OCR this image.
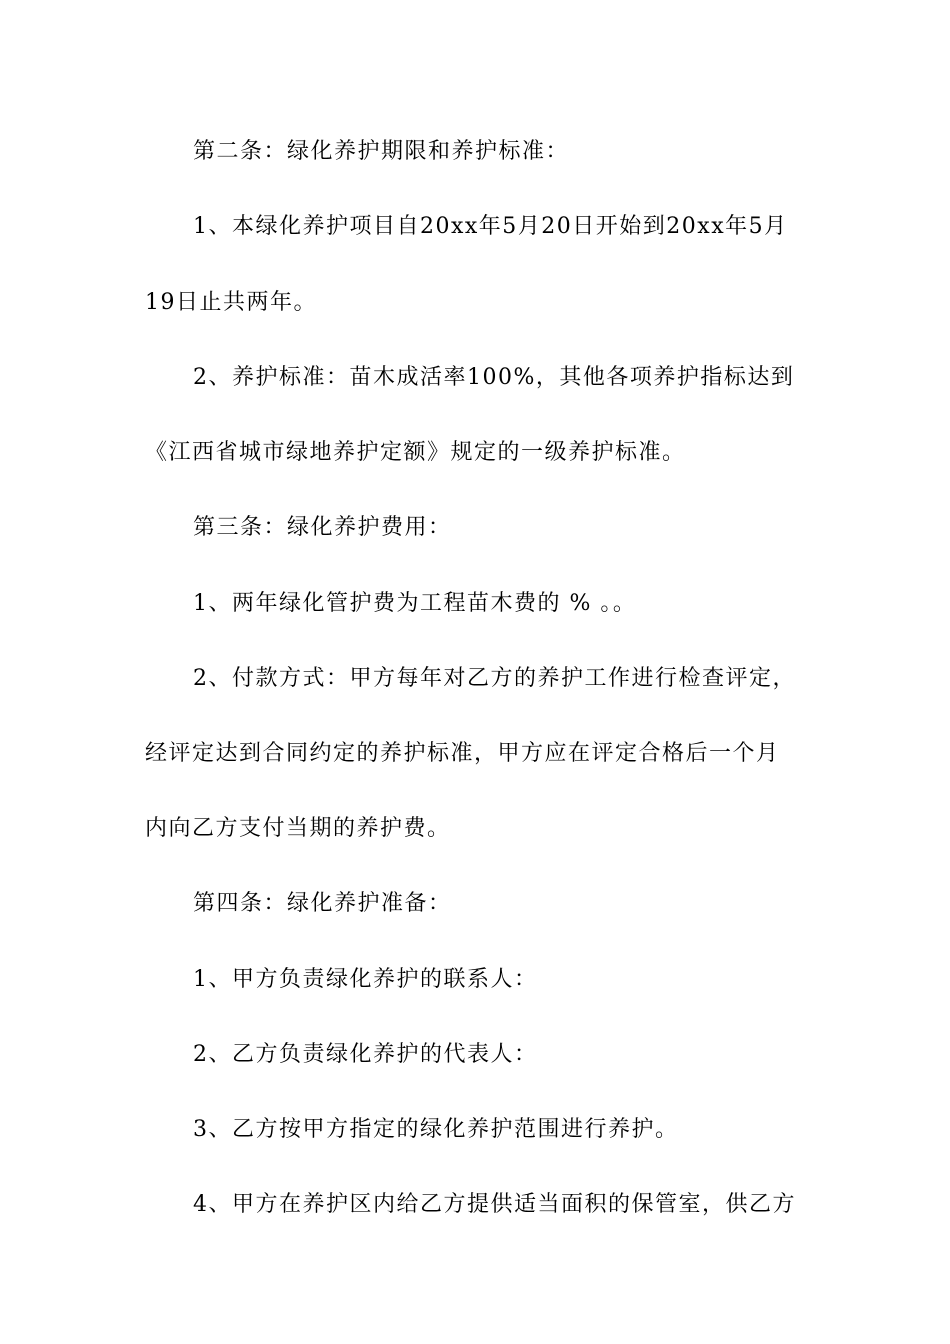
第二条：绿化养护期限和养护标准：
1、本绿化养护项目自20xx年5月20日开始到20xx年5月
19日止共两年。
2、养护标准：苗木成活率100%，其他各项养护指标达到
《江西省城市绿地养护定额》规定的一级养护标准。
第三条：绿化养护费用：
1、两年绿化管护费为工程苗木费的 % 。。
2、付款方式：甲方每年对乙方的养护工作进行检查评定，
经评定达到合同约定的养护标准，甲方应在评定合格后一个月
内向乙方支付当期的养护费。
第四条：绿化养护准备：
1、甲方负责绿化养护的联系人：
2、乙方负责绿化养护的代表人：
3、乙方按甲方指定的绿化养护范围进行养护。
4、甲方在养护区内给乙方提供适当面积的保管室，供乙方
